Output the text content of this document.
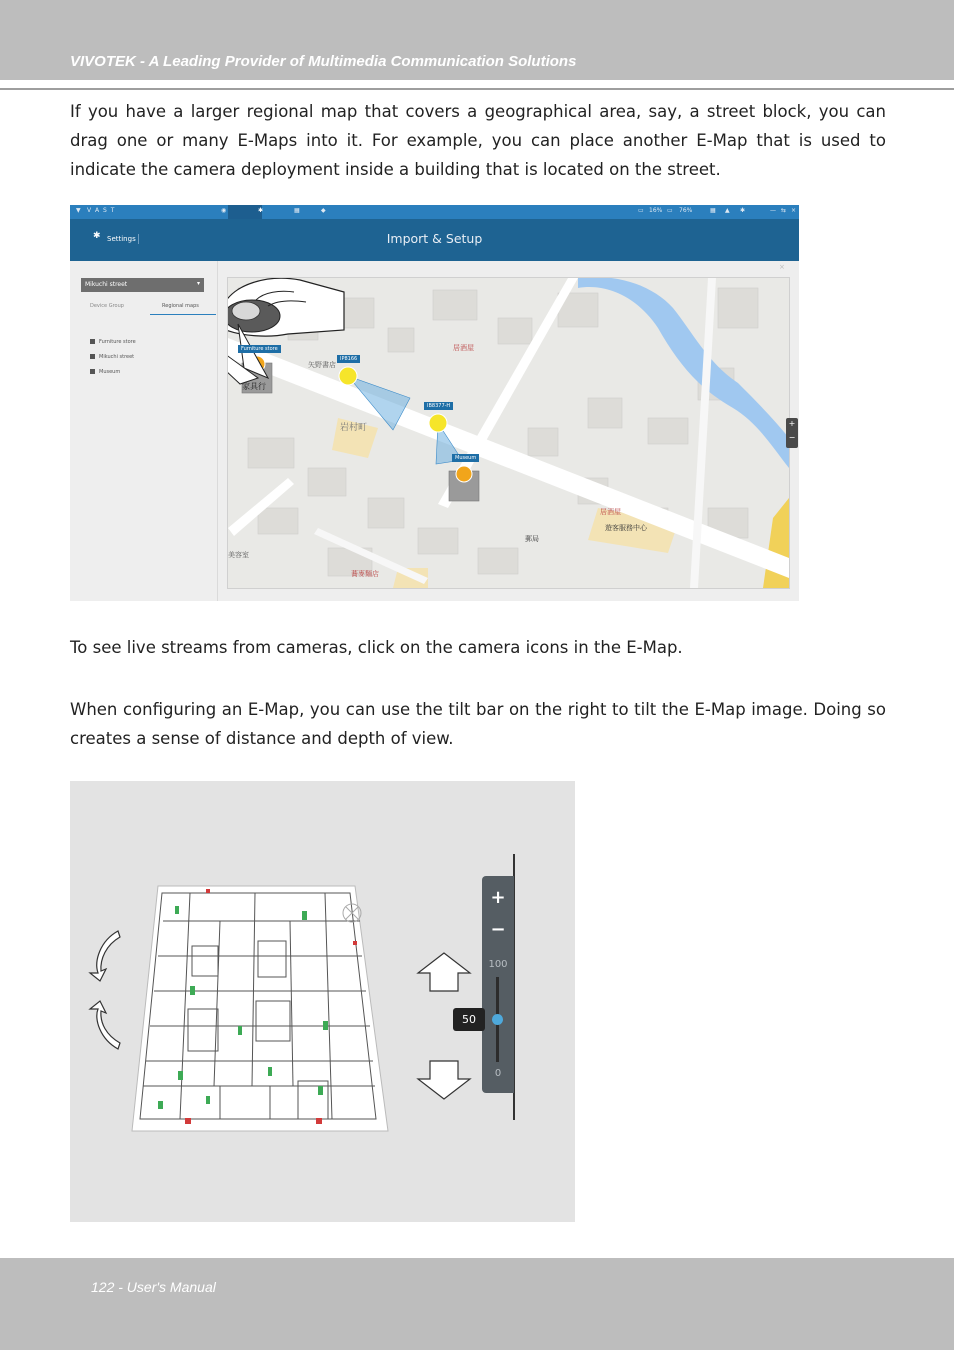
VIVOTEK - A Leading Provider of Multimedia Communication Solutions
If you have a larger regional map that covers a geographical area, say, a street block, you can drag one or many E-Maps into it. For example, you can place another E-Map that is used to indicate the camera deployment inside a building that is located on the street.
▼ V A S T	◉	✱	▦	◆	▭ 16% ▭ 76%	▦ ▲ ✱	— ⇆ ×
✱ Settings	Import & Setup
Mikuchi street	▾
Device Group	Regional maps
Furniture store
Mikuchi street
Museum
×
家具行
矢野書店
居酒屋
岩村町
郵局
居酒屋
遊客服務中心
美容室
蕎麥麵店
Furniture store
IP8166
IB8377-H
Museum
+
−
To see live streams from cameras, click on the camera icons in the E-Map.
When configuring an E-Map, you can use the tilt bar on the right to tilt the E-Map image. Doing so creates a sense of distance and depth of view.
+
−
100
0
50
122 - User's Manual
